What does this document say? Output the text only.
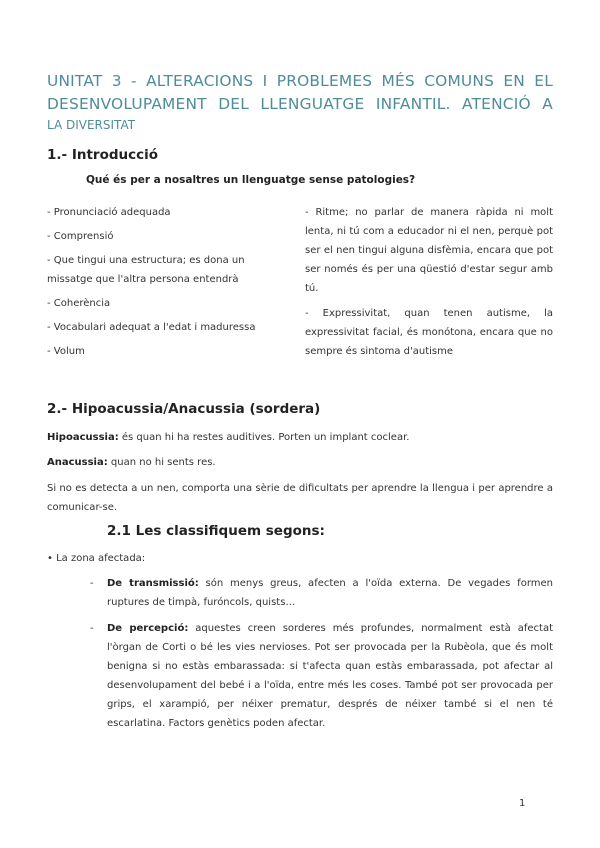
UNITAT 3 - ALTERACIONS I PROBLEMES MÉS COMUNS EN EL
DESENVOLUPAMENT DEL LLENGUATGE INFANTIL. ATENCIÓ A
LA DIVERSITAT
1.- Introducció
Qué és per a nosaltres un llenguatge sense patologies?
- Pronunciació adequada
- Comprensió
- Que tingui una estructura; es dona un missatge que l'altra persona entendrà
- Coherència
- Vocabulari adequat a l'edat i maduressa
- Volum
- Ritme; no parlar de manera ràpida ni molt lenta, ni tú com a educador ni el nen, perquè pot ser el nen tingui alguna disfèmia, encara que pot ser només és per una qüestió d'estar segur amb tú.
- Expressivitat, quan tenen autisme, la expressivitat facial, és monótona, encara que no sempre és sintoma d'autisme
2.- Hipoacussia/Anacussia (sordera)
Hipoacussia: és quan hi ha restes auditives. Porten un implant coclear.
Anacussia: quan no hi sents res.
Si no es detecta a un nen, comporta una sèrie de dificultats per aprendre la llengua i per aprendre a comunicar-se.
2.1 Les classifiquem segons:
• La zona afectada:
- De transmissió: són menys greus, afecten a l'oïda externa. De vegades formen ruptures de timpà, furóncols, quists…
- De percepció: aquestes creen sorderes més profundes, normalment està afectat l'òrgan de Corti o bé les vies nervioses. Pot ser provocada per la Rubèola, que és molt benigna si no estàs embarassada: si t'afecta quan estàs embarassada, pot afectar al desenvolupament del bebé i a l'oïda, entre més les coses. També pot ser provocada per grips, el xarampió, per néixer prematur, després de néixer també si el nen té escarlatina. Factors genètics poden afectar.
1
